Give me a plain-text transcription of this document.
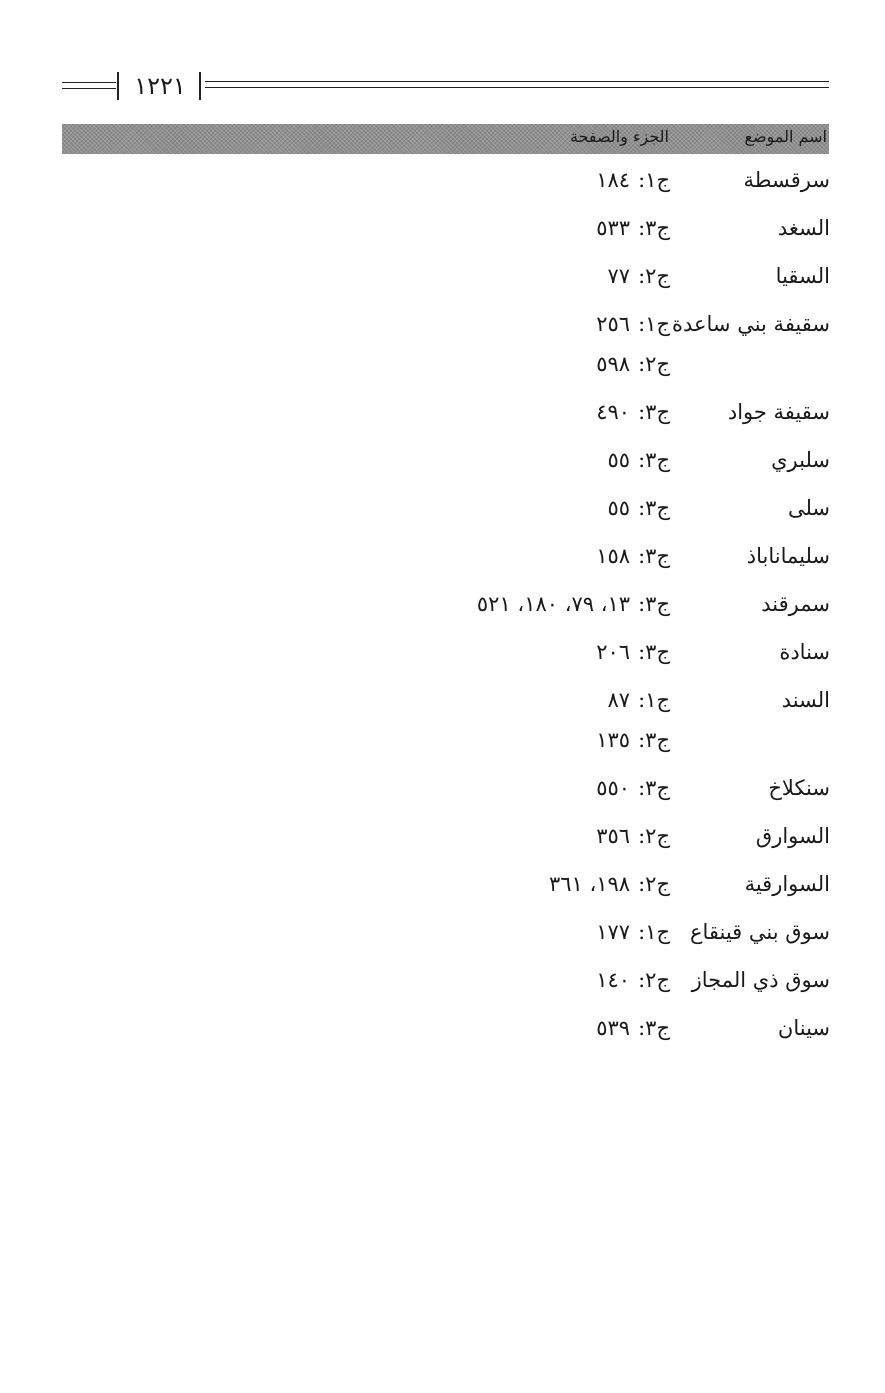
١٢٢١
اسم الموضع
الجزء والصفحة
سرقسطة
ج١:١٨٤
السغد
ج٣:٥٣٣
السقيا
ج٢:٧٧
سقيفة بني ساعدة
ج١:٢٥٦
ج٢:٥٩٨
سقيفة جواد
ج٣:٤٩٠
سلبري
ج٣:٥٥
سلى
ج٣:٥٥
سليماناباذ
ج٣:١٥٨
سمرقند
ج٣:١٣، ٧٩، ١٨٠، ٥٢١
سنادة
ج٣:٢٠٦
السند
ج١:٨٧
ج٣:١٣٥
سنكلاخ
ج٣:٥٥٠
السوارق
ج٢:٣٥٦
السوارقية
ج٢:١٩٨، ٣٦١
سوق بني قينقاع
ج١:١٧٧
سوق ذي المجاز
ج٢:١٤٠
سينان
ج٣:٥٣٩
